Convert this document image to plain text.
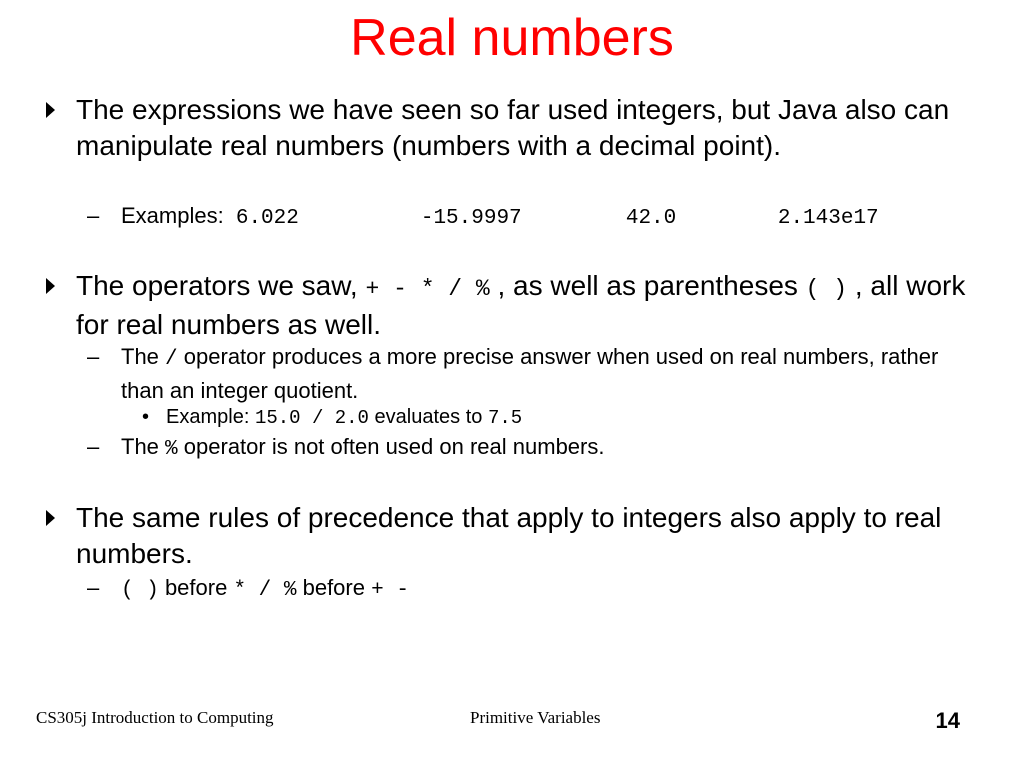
Real numbers
The expressions we have seen so far used integers, but Java also can manipulate real numbers (numbers with a decimal point).
– Examples: 6.022	-15.9997	42.0	2.143e17
The operators we saw, + - * / % , as well as parentheses ( ) , all work for real numbers as well.
– The / operator produces a more precise answer when used on real numbers, rather than an integer quotient.
• Example: 15.0 / 2.0 evaluates to 7.5
– The % operator is not often used on real numbers.
The same rules of precedence that apply to integers also apply to real numbers.
– ( ) before * / % before + -
CS305j Introduction to Computing	Primitive Variables	14
